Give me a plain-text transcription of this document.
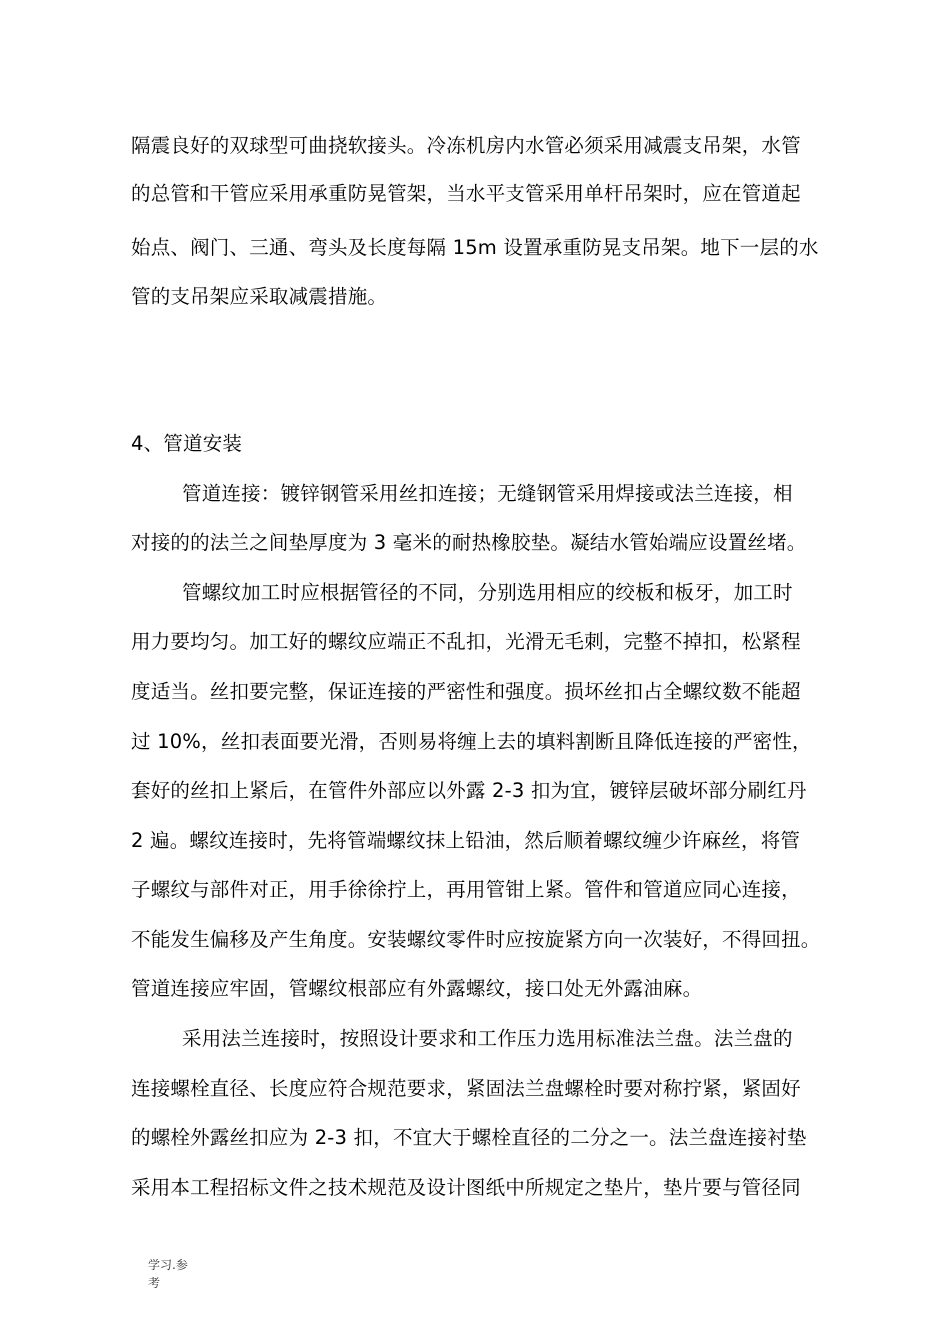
隔震良好的双球型可曲挠软接头。冷冻机房内水管必须采用减震支吊架，水管
的总管和干管应采用承重防晃管架，当水平支管采用单杆吊架时，应在管道起
始点、阀门、三通、弯头及长度每隔 15m 设置承重防晃支吊架。地下一层的水
管的支吊架应采取减震措施。
4、管道安装
管道连接：镀锌钢管采用丝扣连接；无缝钢管采用焊接或法兰连接，相
对接的的法兰之间垫厚度为 3 毫米的耐热橡胶垫。凝结水管始端应设置丝堵。
管螺纹加工时应根据管径的不同，分别选用相应的绞板和板牙，加工时
用力要均匀。加工好的螺纹应端正不乱扣，光滑无毛刺，完整不掉扣，松紧程
度适当。丝扣要完整，保证连接的严密性和强度。损坏丝扣占全螺纹数不能超
过 10%，丝扣表面要光滑，否则易将缠上去的填料割断且降低连接的严密性，
套好的丝扣上紧后，在管件外部应以外露 2-3 扣为宜，镀锌层破坏部分刷红丹
2 遍。螺纹连接时，先将管端螺纹抹上铅油，然后顺着螺纹缠少许麻丝，将管
子螺纹与部件对正，用手徐徐拧上，再用管钳上紧。管件和管道应同心连接，
不能发生偏移及产生角度。安装螺纹零件时应按旋紧方向一次装好，不得回扭。
管道连接应牢固，管螺纹根部应有外露螺纹，接口处无外露油麻。
采用法兰连接时，按照设计要求和工作压力选用标准法兰盘。法兰盘的
连接螺栓直径、长度应符合规范要求，紧固法兰盘螺栓时要对称拧紧，紧固好
的螺栓外露丝扣应为 2-3 扣，不宜大于螺栓直径的二分之一。法兰盘连接衬垫
采用本工程招标文件之技术规范及设计图纸中所规定之垫片，垫片要与管径同
学习.参
考
